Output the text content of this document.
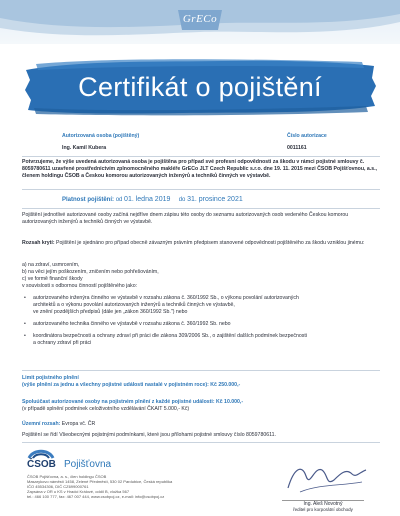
GrECo
Certifikát o pojištění
Autorizovaná osoba (pojištěný)
Ing. Kamil Kubera
Číslo autorizace
0011161
Potvrzujeme, že výše uvedená autorizovaná osoba je pojištěna pro případ své profesní odpovědnosti za škodu v rámci pojistné smlouvy č. 8059780611 uzavřené prostřednictvím zplnomocněného makléře GrECo JLT Czech Republic s.r.o. dne 19. 11. 2015 mezi ČSOB Pojišťovnou, a.s., členem holdingu ČSOB a Českou komorou autorizovaných inženýrů a techniků činných ve výstavbě.
Platnost pojištění: od 01. ledna 2019 do 31. prosince 2021
Pojištění jednotlivé autorizované osoby začíná nejdříve dnem zápisu této osoby do seznamu autorizovaných osob vedeného Českou komorou autorizovaných inženýrů a techniků činných ve výstavbě.
Rozsah krytí: Pojištění je sjednáno pro případ obecně závazným právním předpisem stanovené odpovědnosti pojištěného za škodu vzniklou jinému:
a) na zdraví, usmrcením,
b) na věci jejím poškozením, zničením nebo pohřešováním,
c) ve formě finanční škody
v souvislosti s odbornou činností pojištěného jako:
• autorizovaného inženýra činného ve výstavbě v rozsahu zákona č. 360/1992 Sb., o výkonu povolání autorizovaných
architektů a o výkonu povolání autorizovaných inženýrů a techniků činných ve výstavbě,
ve znění pozdějších předpisů (dále jen „zákon 360/1992 Sb.") nebo
• autorizovaného technika činného ve výstavbě v rozsahu zákona č. 360/1992 Sb. nebo
• koordinátora bezpečnosti a ochrany zdraví při práci dle zákona 309/2006 Sb., o zajištění dalších podmínek bezpečnosti
a ochrany zdraví při práci
Limit pojistného plnění
(výše plnění za jednu a všechny pojistné události nastalé v pojistném roce): Kč 250.000,-
Spoluúčast autorizované osoby na pojistném plnění z každé pojistné události: Kč 10.000,-
(v případě splnění podmínek celoživotního vzdělávání ČKAIT 5.000,- Kč)
Územní rozsah: Evropa vč. ČR
Pojištění se řídí Všeobecnými pojistnými podmínkami, které jsou přílohami pojistné smlouvy číslo 8059780611.
ČSOB Pojišťovna
ČSOB Pojišťovna, a. s., člen holdingu ČSOB
Masarykovo náměstí 1458, Zelené Předměstí, 530 02 Pardubice, Česká republika
IČO 45534306, DIČ CZ699000761
Zapsána v OR u KS v Hradci Králové, oddíl B, vložka 567
tel.: 466 100 777, fax: 467 007 444, www.csobpoj.cz, e-mail: info@csobpoj.cz
Ing. Aleš Novotný
ředitel pro korporátní obchody
